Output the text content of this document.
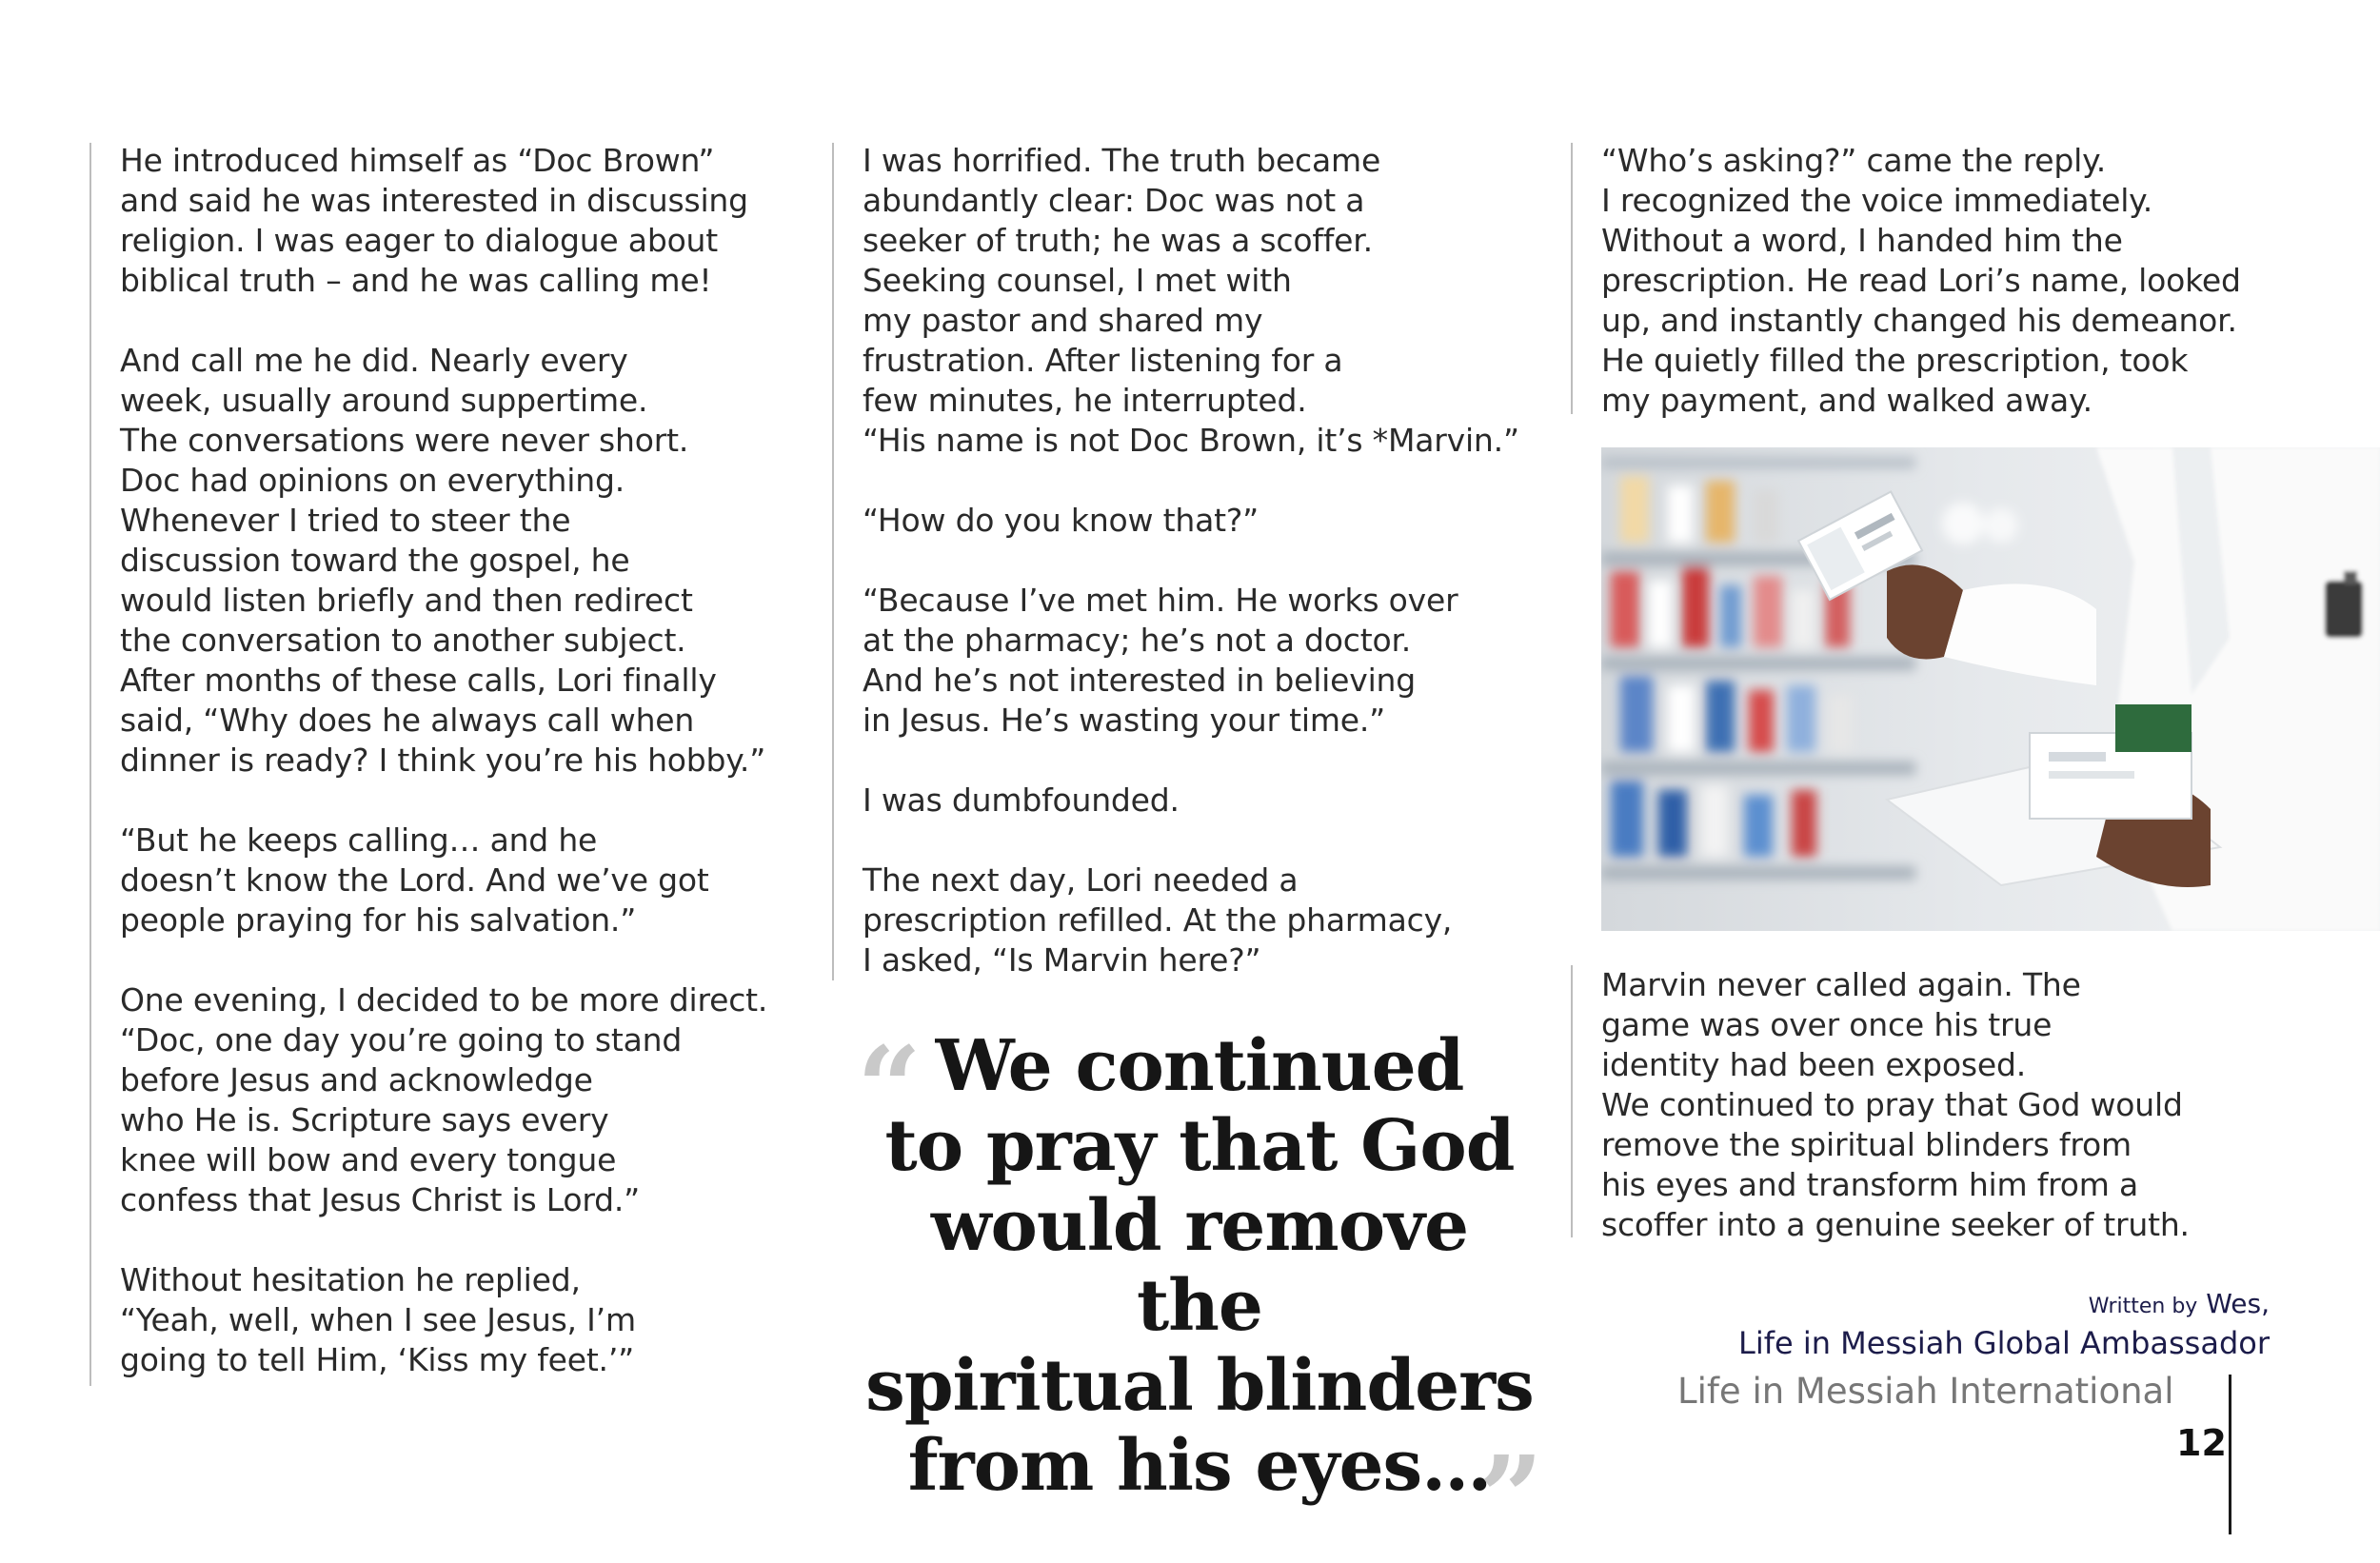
He introduced himself as “Doc Brown”
and said he was interested in discussing
religion. I was eager to dialogue about
biblical truth – and he was calling me!

And call me he did. Nearly every
week, usually around suppertime.
The conversations were never short.
Doc had opinions on everything.
Whenever I tried to steer the
discussion toward the gospel, he
would listen briefly and then redirect
the conversation to another subject.
After months of these calls, Lori finally
said, “Why does he always call when
dinner is ready? I think you’re his hobby.”

“But he keeps calling… and he
doesn’t know the Lord. And we’ve got
people praying for his salvation.”

One evening, I decided to be more direct.
“Doc, one day you’re going to stand
before Jesus and acknowledge
who He is. Scripture says every
knee will bow and every tongue
confess that Jesus Christ is Lord.”

Without hesitation he replied,
“Yeah, well, when I see Jesus, I’m
going to tell Him, ‘Kiss my feet.’”

I was horrified. The truth became
abundantly clear: Doc was not a
seeker of truth; he was a scoffer.
Seeking counsel, I met with
my pastor and shared my
frustration. After listening for a
few minutes, he interrupted.
“His name is not Doc Brown, it’s *Marvin.”

“How do you know that?”

“Because I’ve met him. He works over
at the pharmacy; he’s not a doctor.
And he’s not interested in believing
in Jesus. He’s wasting your time.”

I was dumbfounded.

The next day, Lori needed a
prescription refilled. At the pharmacy,
I asked, “Is Marvin here?”

“ We continued
to pray that God
would remove the
spiritual blinders
from his eyes…
”

“Who’s asking?” came the reply.
I recognized the voice immediately.
Without a word, I handed him the
prescription. He read Lori’s name, looked
up, and instantly changed his demeanor.
He quietly filled the prescription, took
my payment, and walked away.

Marvin never called again. The
game was over once his true
identity had been exposed.
We continued to pray that God would
remove the spiritual blinders from
his eyes and transform him from a
scoffer into a genuine seeker of truth.

Written by Wes,
Life in Messiah Global Ambassador
Life in Messiah International
12
